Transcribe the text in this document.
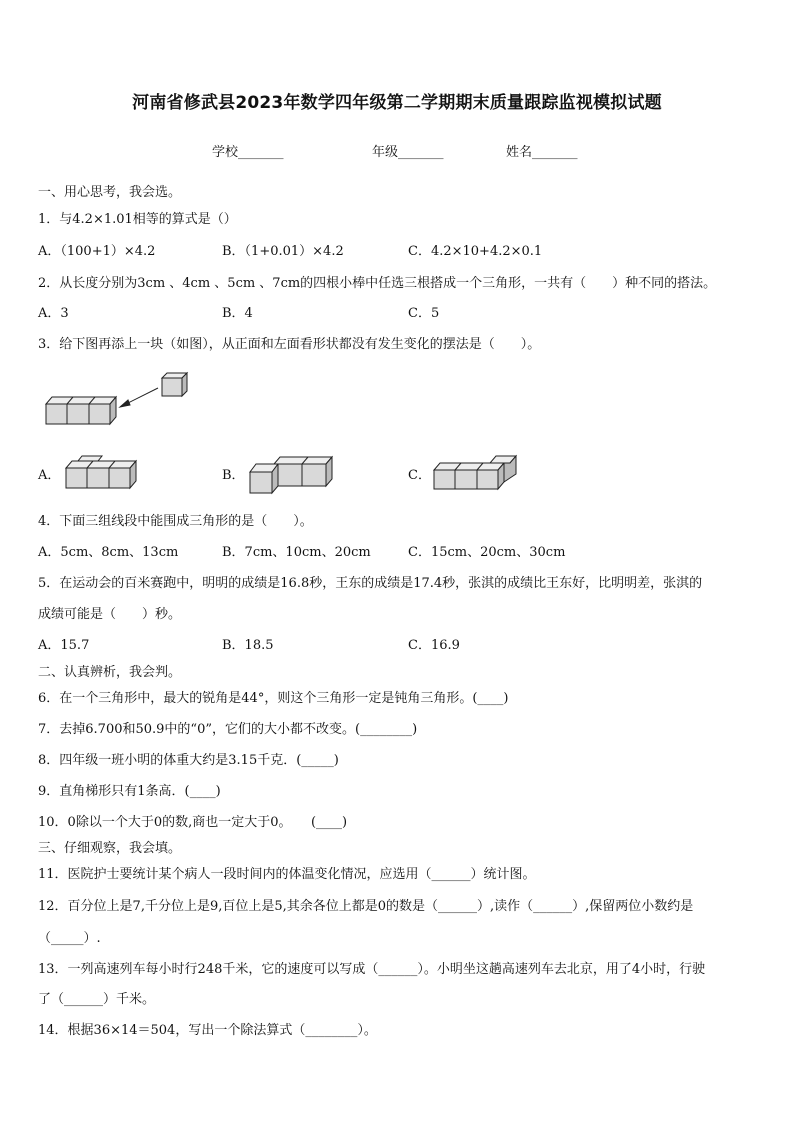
河南省修武县2023年数学四年级第二学期期末质量跟踪监视模拟试题
学校_______	年级_______	姓名_______
一、用心思考，我会选。
1．与4.2×1.01相等的算式是（）
A．（100+1）×4.2	B．（1+0.01）×4.2	C．4.2×10+4.2×0.1
2．从长度分别为3cm 、4cm 、5cm 、7cm的四根小棒中任选三根搭成一个三角形，一共有（　　）种不同的搭法。
A．3	B．4	C．5
3．给下图再添上一块（如图），从正面和左面看形状都没有发生变化的摆法是（　　）。
A．	B．	C．
4．下面三组线段中能围成三角形的是（　　）。
A．5cm、8cm、13cm	B．7cm、10cm、20cm	C．15cm、20cm、30cm
5．在运动会的百米赛跑中，明明的成绩是16.8秒，王东的成绩是17.4秒，张淇的成绩比王东好，比明明差，张淇的
成绩可能是（　　）秒。
A．15.7	B．18.5	C．16.9
二、认真辨析，我会判。
6．在一个三角形中，最大的锐角是44°，则这个三角形一定是钝角三角形。(____)
7．去掉6.700和50.9中的“0”，它们的大小都不改变。(________)
8．四年级一班小明的体重大约是3.15千克．(_____)
9．直角梯形只有1条高．(____)
10．0除以一个大于0的数,商也一定大于0。　　(____)
三、仔细观察，我会填。
11．医院护士要统计某个病人一段时间内的体温变化情况，应选用（______）统计图。
12．百分位上是7,千分位上是9,百位上是5,其余各位上都是0的数是（______）,读作（______）,保留两位小数约是
（_____）.
13．一列高速列车每小时行248千米，它的速度可以写成（______）。小明坐这趟高速列车去北京，用了4小时，行驶
了（______）千米。
14．根据36×14＝504，写出一个除法算式（________）。
